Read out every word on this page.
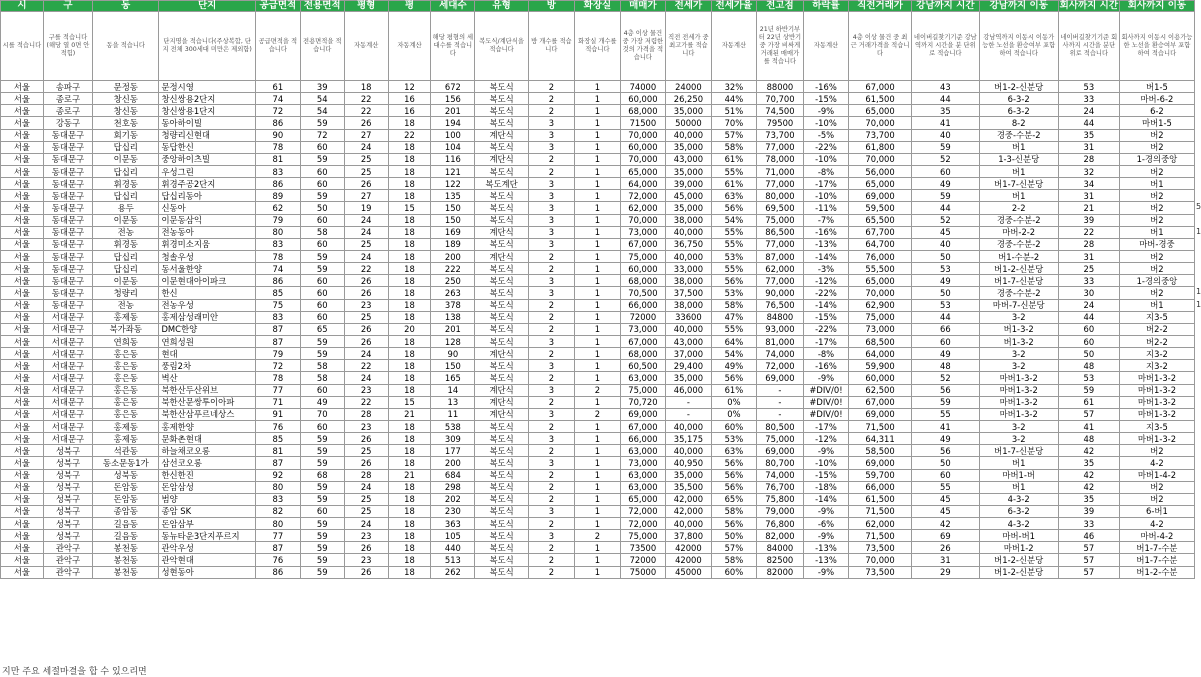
시	구	동	단지	공급면적	전용면적	평형	평	세대수	유형	방	화장실	매매가	전세가	전세가율	전고점	하락률	직전거래가	강남까지 시간	강남까지 이동	회사까지 시간	회사까지 이동
시를 적습니다	구를 적습니다(해당 열 0면 안 적힘)	동을 적습니다	단지명을 적습니다(주상복합, 단지 전체 300세대 미만은 제외함)	공급면적을 적습니다	전용면적을 적습니다	자동계산	자동계산	해당 평형의 세대수를 적습니다	복도식/계단식을 적습니다	방 개수를 적습니다	화장실 개수를 적습니다	4층 이상 물건 중 가장 저렴한 것의 가격을 적습니다	직전 전세가 중 최고가를 적습니다	자동계산	21년 하반기부터 22년 상반기 중 가장 비싸게 거래된 매매가를 적습니다	자동계산	4층 이상 물건 중 최근 거래가격을 적습니다	네이버길찾기기준 강남역까지 시간을 분 단위로 적습니다	강남역까지 이동시 이동가능한 노선을 환승여부 포함하여 적습니다	네이버길찾기기준 회사까지 시간을 분단위로 적습니다	회사까지 이동시 이용가능한 노선을 환승여부 포함하여 적습니다
서울	송파구	문정동	문정시영	61	39	18	12	672	복도식	2	1	74000	24000	32%	88000	-16%	67,000	43	버1-2-신분당	53	버1-5
서울	종로구	창신동	창신쌍용2단지	74	54	22	16	156	복도식	2	1	60,000	26,250	44%	70,700	-15%	61,500	44	6-3-2	33	마버-6-2
서울	종로구	창신동	창신쌍용1단지	72	54	22	16	201	복도식	2	1	68,000	35,000	51%	74,500	-9%	65,000	35	6-3-2	24	6-2
서울	강동구	천호동	동아하이빌	86	59	26	18	194	복도식	3	1	71500	50000	70%	79500	-10%	70,000	41	8-2	44	마버1-5
서울	동대문구	회기동	청량리신현대	90	72	27	22	100	계단식	3	1	70,000	40,000	57%	73,700	-5%	73,700	40	경중-수분-2	35	버2
서울	동대문구	답십리	동답한신	78	60	24	18	104	복도식	3	1	60,000	35,000	58%	77,000	-22%	61,800	59	버1	31	버2
서울	동대문구	이문동	중앙하이츠빌	81	59	25	18	116	계단식	2	1	70,000	43,000	61%	78,000	-10%	70,000	52	1-3-신분당	28	1-경의중앙
서울	동대문구	답십리	우성그린	83	60	25	18	121	복도식	2	1	65,000	35,000	55%	71,000	-8%	56,000	60	버1	32	버2
서울	동대문구	휘경동	휘경주공2단지	86	60	26	18	122	복도계단	3	1	64,000	39,000	61%	77,000	-17%	65,000	49	버1-7-신분당	34	버1
서울	동대문구	답십리	답십리동아	89	59	27	18	135	복도식	3	1	72,000	45,000	63%	80,000	-10%	69,000	59	버1	31	버2
서울	동대문구	용두	신동아	62	50	19	15	150	복도식	3	1	62,000	35,000	56%	69,500	-11%	59,500	44	2-2	21	버2
서울	동대문구	이문동	이문동삼익	79	60	24	18	150	복도식	3	1	70,000	38,000	54%	75,000	-7%	65,500	52	경중-수분-2	39	버2
서울	동대문구	전농	전농동아	80	58	24	18	169	계단식	3	1	73,000	40,000	55%	86,500	-16%	67,700	45	마버-2-2	22	버1
서울	동대문구	휘경동	휘경미소지움	83	60	25	18	189	복도식	3	1	67,000	36,750	55%	77,000	-13%	64,700	40	경중-수분-2	28	마버-경중
서울	동대문구	답십리	청솔우성	78	59	24	18	200	계단식	2	1	75,000	40,000	53%	87,000	-14%	76,000	50	버1-수분-2	31	버2
서울	동대문구	답십리	동서울한양	74	59	22	18	222	복도식	2	1	60,000	33,000	55%	62,000	-3%	55,500	53	버1-2-신분당	25	버2
서울	동대문구	이문동	이문현대아이파크	86	60	26	18	250	복도식	3	1	68,000	38,000	56%	77,000	-12%	65,000	49	버1-7-신분당	33	1-경의중앙
서울	동대문구	청량리	한신	85	60	26	18	263	복도식	3	1	70,500	37,500	53%	90,000	-22%	70,000	50	경중-수분-2	30	버2
서울	동대문구	전농	전농우성	75	60	23	18	378	복도식	2	1	66,000	38,000	58%	76,500	-14%	62,900	53	마버-7-신분당	24	버1
서울	서대문구	홍제동	홍제삼성래미안	83	60	25	18	138	복도식	2	1	72000	33600	47%	84800	-15%	75,000	44	3-2	44	지3-5
서울	서대문구	북가좌동	DMC한양	87	65	26	20	201	복도식	2	1	73,000	40,000	55%	93,000	-22%	73,000	66	버1-3-2	60	버2-2
서울	서대문구	연희동	연희성원	87	59	26	18	128	복도식	3	1	67,000	43,000	64%	81,000	-17%	68,500	60	버1-3-2	60	버2-2
서울	서대문구	홍은동	현대	79	59	24	18	90	계단식	2	1	68,000	37,000	54%	74,000	-8%	64,000	49	3-2	50	지3-2
서울	서대문구	홍은동	풍림2차	72	58	22	18	150	복도식	3	1	60,500	29,400	49%	72,000	-16%	59,900	48	3-2	48	지3-2
서울	서대문구	홍은동	벽산	78	58	24	18	165	복도식	2	1	63,000	35,000	56%	69,000	-9%	60,000	52	마버1-3-2	53	마버1-3-2
서울	서대문구	홍은동	북한산두산위브	77	60	23	18	14	계단식	3	2	75,000	46,000	61%	-	#DIV/0!	62,500	56	마버1-3-2	59	마버1-3-2
서울	서대문구	홍은동	북한산문쌍투이아파	71	49	22	15	13	계단식	2	1	70,720	-	0%	-	#DIV/0!	67,000	59	마버1-3-2	61	마버1-3-2
서울	서대문구	홍은동	북한산삼푸르네상스	91	70	28	21	11	계단식	3	2	69,000	-	0%	-	#DIV/0!	69,000	55	마버1-3-2	57	마버1-3-2
서울	서대문구	홍제동	홍제한양	76	60	23	18	538	복도식	2	1	67,000	40,000	60%	80,500	-17%	71,500	41	3-2	41	지3-5
서울	서대문구	홍제동	문화촌현대	85	59	26	18	309	복도식	3	1	66,000	35,175	53%	75,000	-12%	64,311	49	3-2	48	마버1-3-2
서울	성북구	석관동	하늘채코오롱	81	59	25	18	177	복도식	2	1	63,000	40,000	63%	69,000	-9%	58,500	56	버1-7-신분당	42	버2
서울	성북구	동소문동1가	삼선코오롱	87	59	26	18	200	복도식	3	1	73,000	40,950	56%	80,700	-10%	69,000	50	버1	35	4-2
서울	성북구	성북동	한신한진	92	68	28	21	684	복도식	2	1	63,000	35,000	56%	74,000	-15%	59,700	60	마버1-버	42	마버1-4-2
서울	성북구	돈암동	돈암삼성	80	59	24	18	298	복도식	2	1	63,000	35,500	56%	76,700	-18%	66,000	55	버1	42	버2
서울	성북구	돈암동	범양	83	59	25	18	202	복도식	2	1	65,000	42,000	65%	75,800	-14%	61,500	45	4-3-2	35	버2
서울	성북구	종암동	종암 SK	82	60	25	18	230	복도식	3	1	72,000	42,000	58%	79,000	-9%	71,500	45	6-3-2	39	6-버1
서울	성북구	길음동	돈암삼부	80	59	24	18	363	복도식	2	1	72,000	40,000	56%	76,800	-6%	62,000	42	4-3-2	33	4-2
서울	성북구	길음동	동뉴타운3단지푸르지	77	59	23	18	105	복도식	3	2	75,000	37,800	50%	82,000	-9%	71,500	69	마버-버1	46	마버-4-2
서울	관악구	봉천동	관악우성	87	59	26	18	440	복도식	2	1	73500	42000	57%	84000	-13%	73,500	26	마버1-2	57	버1-7-수분
서울	관악구	봉천동	관악현대	76	59	23	18	513	복도식	2	1	72000	42000	58%	82500	-13%	70,000	31	버1-2-신분당	57	버1-7-수분
서울	관악구	봉천동	성현동아	86	59	26	18	262	복도식	2	1	75000	45000	60%	82000	-9%	73,500	29	버1-2-신분당	57	버1-2-수분
지만 주요 세절마결을 합 수 있으리면
5
1
1
1
